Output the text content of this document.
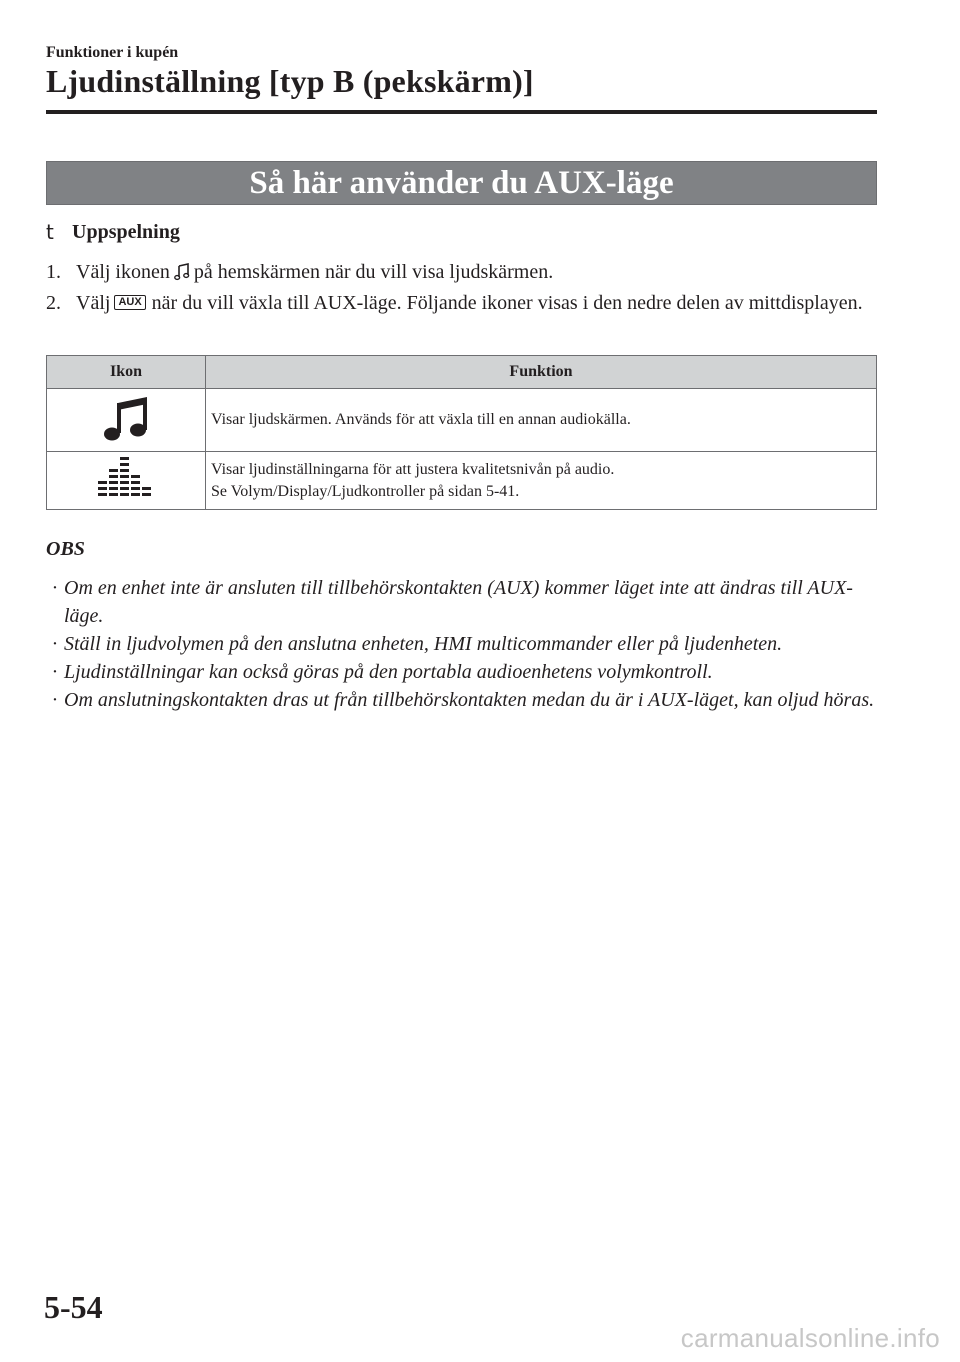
Funktioner i kupén
Ljudinställning [typ B (pekskärm)]
Så här använder du AUX-läge
t Uppspelning
1. Välj ikonen på hemskärmen när du vill visa ljudskärmen.
2. Välj AUX när du vill växla till AUX-läge. Följande ikoner visas i den nedre delen av mittdisplayen.
Ikon	Funktion

Visar ljudskärmen. Används för att växla till en annan audiokälla.

Visar ljudinställningarna för att justera kvalitetsnivån på audio.
Se Volym/Display/Ljudkontroller på sidan 5-41.
OBS
· Om en enhet inte är ansluten till tillbehörskontakten (AUX) kommer läget inte att ändras till AUX-läge.
· Ställ in ljudvolymen på den anslutna enheten, HMI multicommander eller på ljudenheten.
· Ljudinställningar kan också göras på den portabla audioenhetens volymkontroll.
· Om anslutningskontakten dras ut från tillbehörskontakten medan du är i AUX-läget, kan oljud höras.
5-54
carmanualsonline.info
